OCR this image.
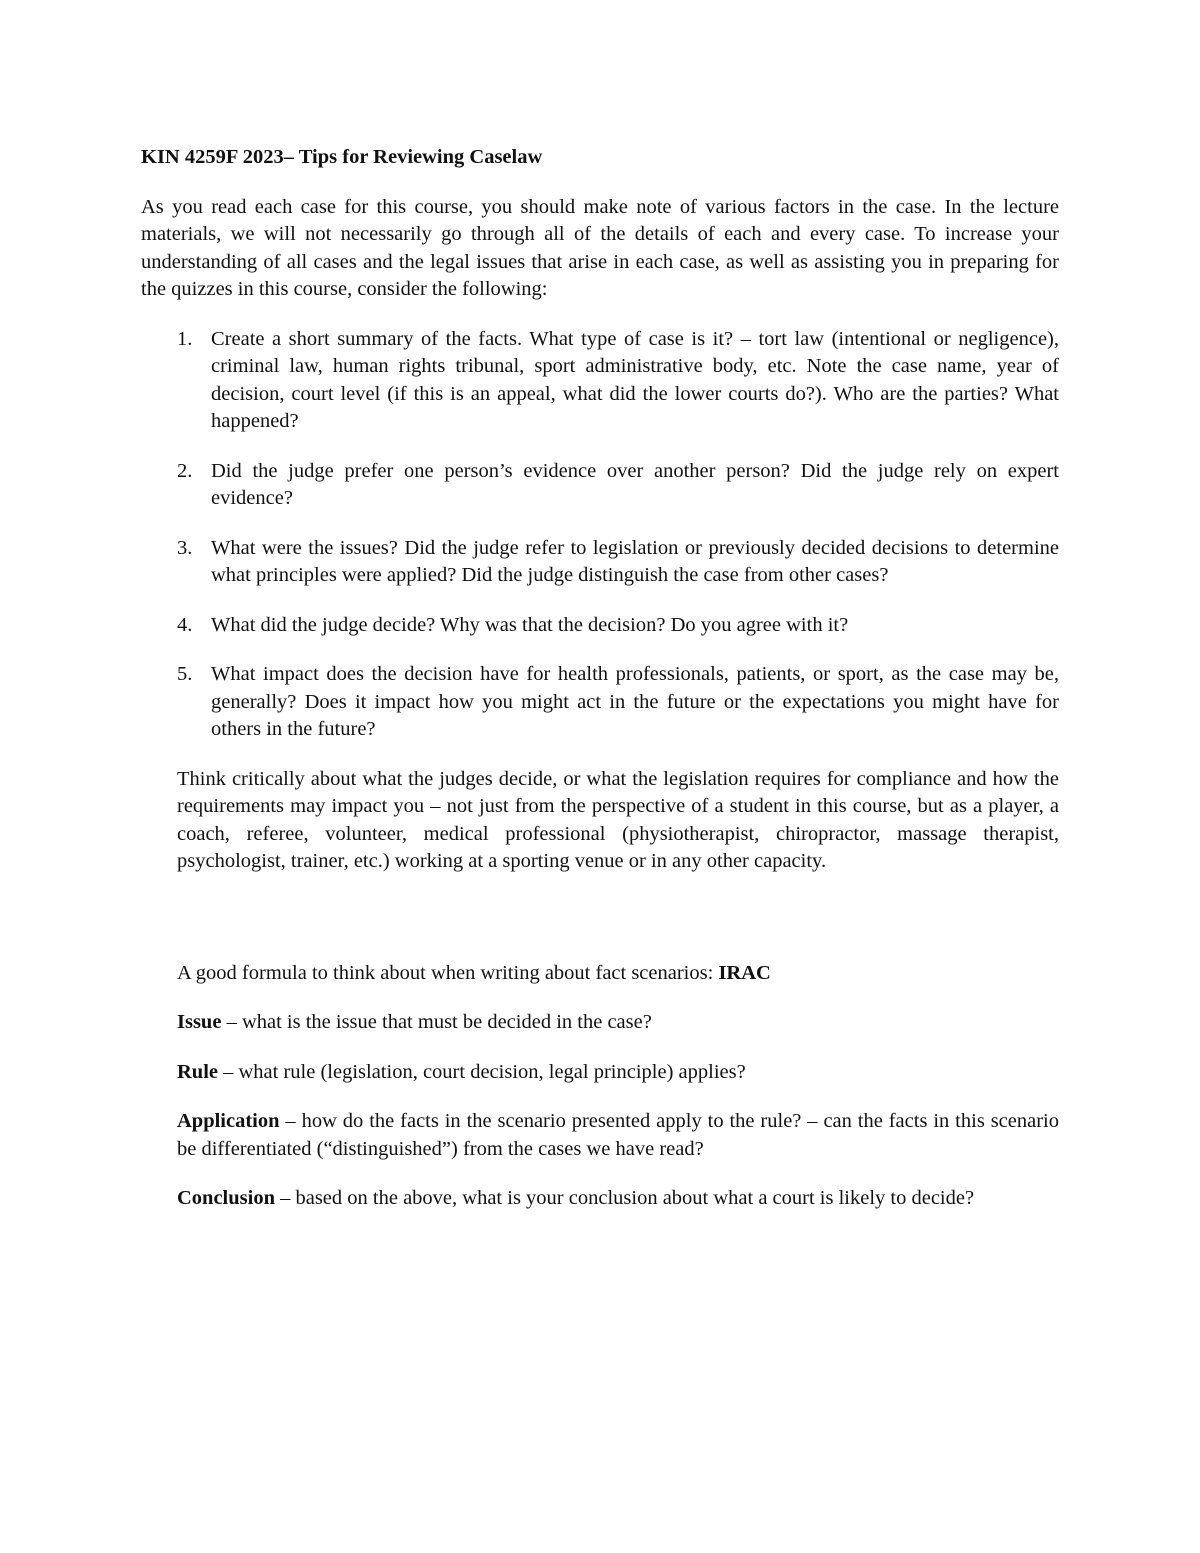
KIN 4259F 2023– Tips for Reviewing Caselaw
As you read each case for this course, you should make note of various factors in the case. In the lecture materials, we will not necessarily go through all of the details of each and every case. To increase your understanding of all cases and the legal issues that arise in each case, as well as assisting you in preparing for the quizzes in this course, consider the following:
1. Create a short summary of the facts. What type of case is it? – tort law (intentional or negligence), criminal law, human rights tribunal, sport administrative body, etc. Note the case name, year of decision, court level (if this is an appeal, what did the lower courts do?). Who are the parties? What happened?
2. Did the judge prefer one person’s evidence over another person? Did the judge rely on expert evidence?
3. What were the issues? Did the judge refer to legislation or previously decided decisions to determine what principles were applied? Did the judge distinguish the case from other cases?
4. What did the judge decide? Why was that the decision? Do you agree with it?
5. What impact does the decision have for health professionals, patients, or sport, as the case may be, generally? Does it impact how you might act in the future or the expectations you might have for others in the future?
Think critically about what the judges decide, or what the legislation requires for compliance and how the requirements may impact you – not just from the perspective of a student in this course, but as a player, a coach, referee, volunteer, medical professional (physiotherapist, chiropractor, massage therapist, psychologist, trainer, etc.) working at a sporting venue or in any other capacity.
A good formula to think about when writing about fact scenarios: IRAC
Issue – what is the issue that must be decided in the case?
Rule – what rule (legislation, court decision, legal principle) applies?
Application – how do the facts in the scenario presented apply to the rule? – can the facts in this scenario be differentiated (“distinguished”) from the cases we have read?
Conclusion – based on the above, what is your conclusion about what a court is likely to decide?
